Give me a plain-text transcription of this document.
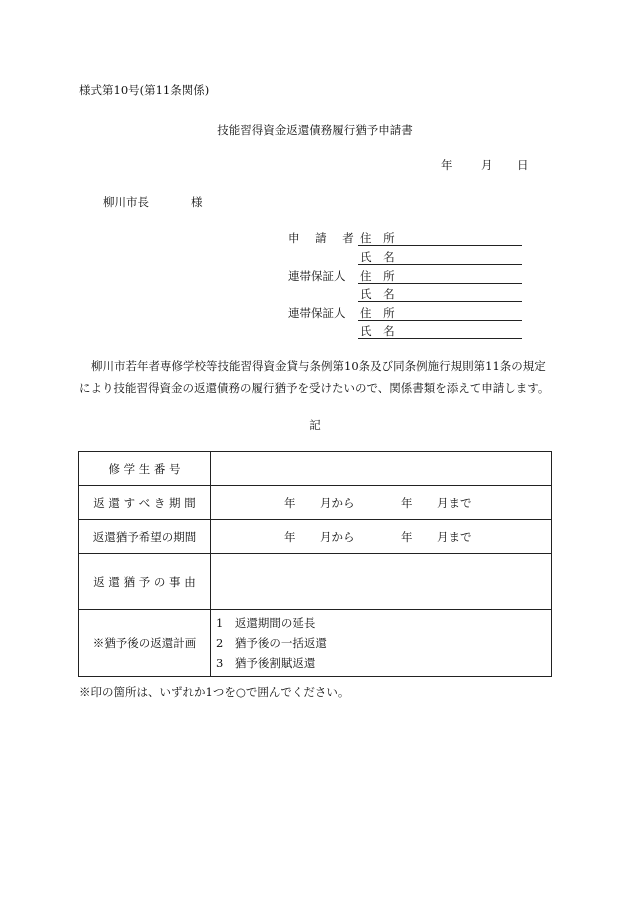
様式第10号(第11条関係)
技能習得資金返還債務履行猶予申請書
年 月 日
柳川市長	様
申 請 者 住 所
氏 名
連帯保証人 住 所
氏 名
連帯保証人 住 所
氏 名

柳川市若年者専修学校等技能習得資金貸与条例第10条及び同条例施行規則第11条の規定

により技能習得資金の返還債務の履行猶予を受けたいので、関係書類を添えて申請します。

記
修 学 生 番 号	
返 還 す べ き 期 間	年 月から 年 月まで

返還猶予希望の期間	年 月から 年 月まで

返 還 猶 予 の 事 由	
※猶予後の返還計画	1　返還期間の延長
2　猶予後の一括返還
3　猶予後割賦返還
※印の箇所は、いずれか1つを○で囲んでください。
